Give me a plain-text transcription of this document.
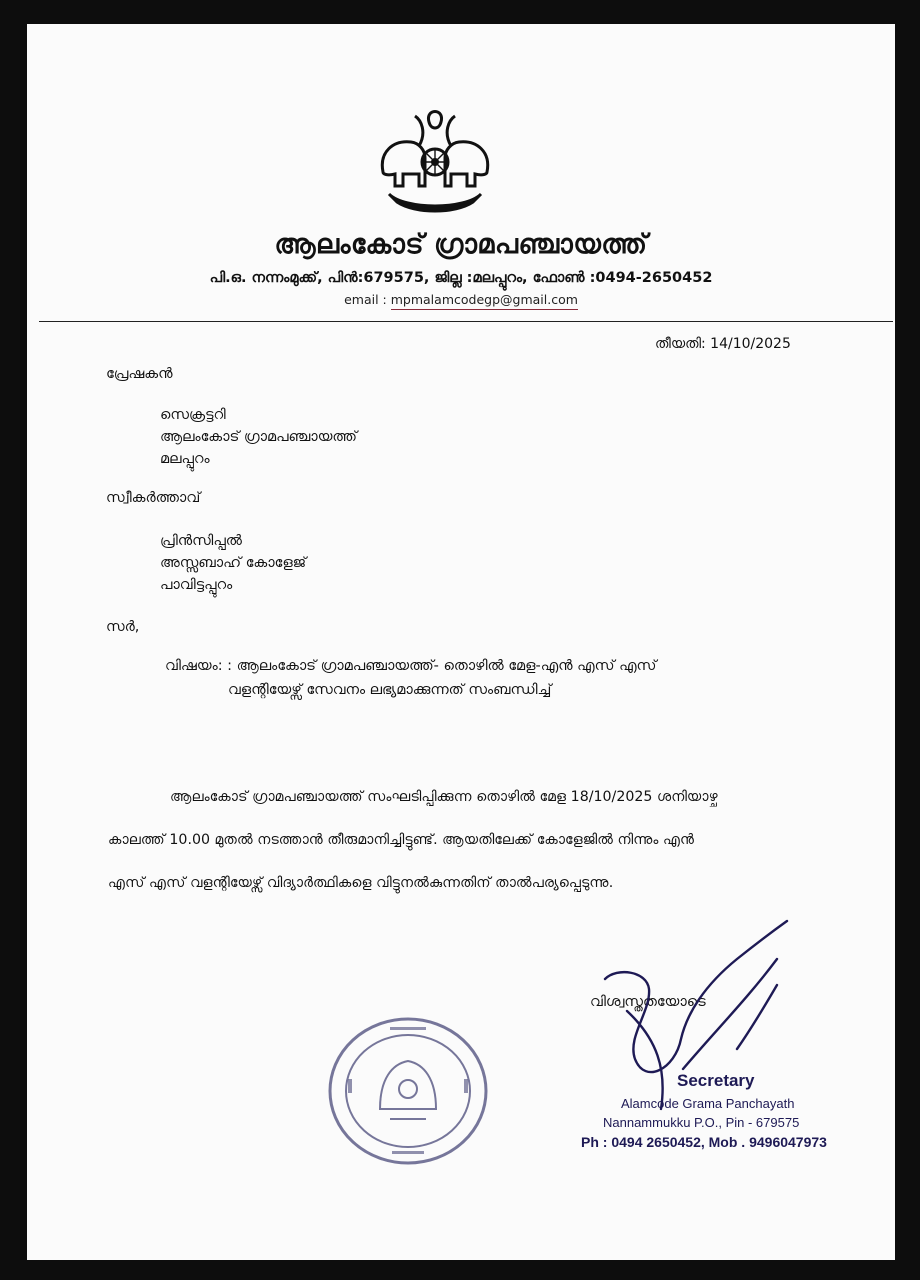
ആലംകോട് ഗ്രാമപഞ്ചായത്ത്
പി.ഒ. നന്നംമുക്ക്, പിൻ:679575, ജില്ല :മലപ്പുറം, ഫോൺ :0494-2650452
email : mpmalamcodegp@gmail.com
തീയതി: 14/10/2025
പ്രേഷകൻ
സെക്രട്ടറി
ആലംകോട് ഗ്രാമപഞ്ചായത്ത്
മലപ്പുറം
സ്വീകർത്താവ്
പ്രിൻസിപ്പൽ
അസ്സബാഹ് കോളേജ്
പാവിട്ടപ്പുറം
സർ,
വിഷയം: : ആലംകോട് ഗ്രാമപഞ്ചായത്ത്- തൊഴിൽ മേള-എൻ എസ് എസ്
വളന്റിയേഴ്സ് സേവനം ലഭ്യമാക്കുന്നത് സംബന്ധിച്ച്
ആലംകോട് ഗ്രാമപഞ്ചായത്ത് സംഘടിപ്പിക്കുന്ന തൊഴിൽ മേള 18/10/2025 ശനിയാഴ്ച
കാലത്ത് 10.00 മുതൽ നടത്താൻ തീരുമാനിച്ചിട്ടുണ്ട്. ആയതിലേക്ക് കോളേജിൽ നിന്നും എൻ
എസ് എസ് വളന്റിയേഴ്സ് വിദ്യാർത്ഥികളെ വിട്ടുനൽകുന്നതിന് താൽപര്യപ്പെടുന്നു.
വിശ്വസ്തതയോടെ
Secretary
Alamcode Grama Panchayath
Nannammukku P.O., Pin - 679575
Ph : 0494 2650452, Mob . 9496047973
